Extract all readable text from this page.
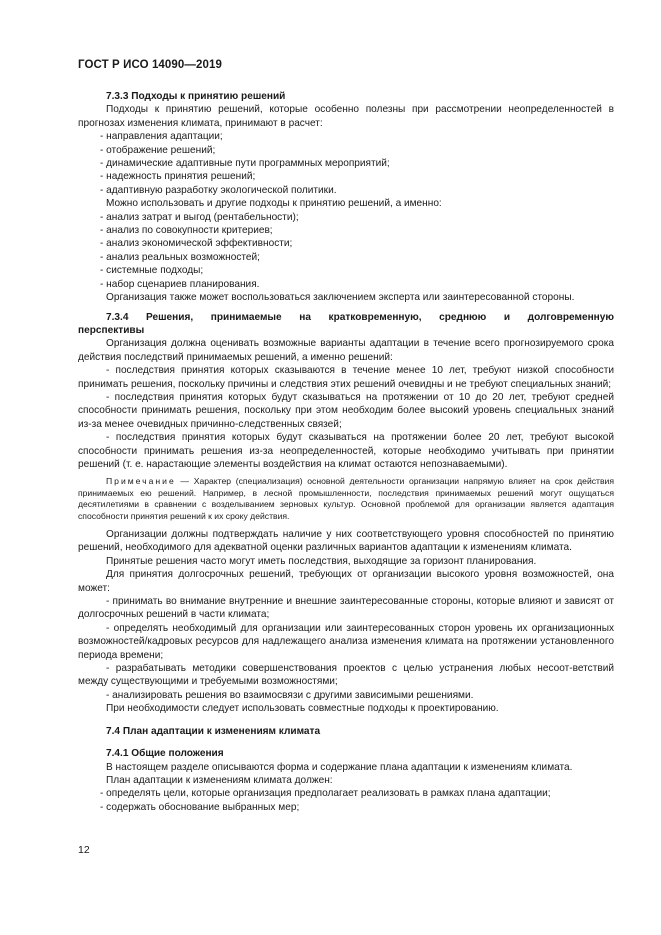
ГОСТ Р ИСО 14090—2019

7.3.3 Подходы к принятию решений

Подходы к принятию решений, которые особенно полезны при рассмотрении неопределенностей в прогнозах изменения климата, принимают в расчет:

- направления адаптации;

- отображение решений;

- динамические адаптивные пути программных мероприятий;

- надежность принятия решений;

- адаптивную разработку экологической политики.

Можно использовать и другие подходы к принятию решений, а именно:

- анализ затрат и выгод (рентабельности);

- анализ по совокупности критериев;

- анализ экономической эффективности;

- анализ реальных возможностей;

- системные подходы;

- набор сценариев планирования.

Организация также может воспользоваться заключением эксперта или заинтересованной стороны.

7.3.4 Решения, принимаемые на кратковременную, среднюю и долговременную

перспективы

Организация должна оценивать возможные варианты адаптации в течение всего прогнозируемого срока действия последствий принимаемых решений, а именно решений:

- последствия принятия которых сказываются в течение менее 10 лет, требуют низкой способности принимать решения, поскольку причины и следствия этих решений очевидны и не требуют специальных знаний;

- последствия принятия которых будут сказываться на протяжении от 10 до 20 лет, требуют средней способности принимать решения, поскольку при этом необходим более высокий уровень специальных знаний из-за менее очевидных причинно-следственных связей;

- последствия принятия которых будут сказываться на протяжении более 20 лет, требуют высокой способности принимать решения из-за неопределенностей, которые необходимо учитывать при принятии решений (т. е. нарастающие элементы воздействия на климат остаются непознаваемыми).

Примечание — Характер (специализация) основной деятельности организации напрямую влияет на срок действия принимаемых ею решений. Например, в лесной промышленности, последствия принимаемых решений могут ощущаться десятилетиями в сравнении с возделыванием зерновых культур. Основной проблемой для организации является адаптация способности принятия решений к их сроку действия.

Организации должны подтверждать наличие у них соответствующего уровня способностей по принятию решений, необходимого для адекватной оценки различных вариантов адаптации к изменениям климата.

Принятые решения часто могут иметь последствия, выходящие за горизонт планирования.

Для принятия долгосрочных решений, требующих от организации высокого уровня возможностей, она может:

- принимать во внимание внутренние и внешние заинтересованные стороны, которые влияют и зависят от долгосрочных решений в части климата;

- определять необходимый для организации или заинтересованных сторон уровень их организационных возможностей/кадровых ресурсов для надлежащего анализа изменения климата на протяжении установленного периода времени;

- разрабатывать методики совершенствования проектов с целью устранения любых несоот-ветствий между существующими и требуемыми возможностями;

- анализировать решения во взаимосвязи с другими зависимыми решениями.

При необходимости следует использовать совместные подходы к проектированию.

7.4 План адаптации к изменениям климата

7.4.1 Общие положения

В настоящем разделе описываются форма и содержание плана адаптации к изменениям климата.

План адаптации к изменениям климата должен:

- определять цели, которые организация предполагает реализовать в рамках плана адаптации;

- содержать обоснование выбранных мер;

12
